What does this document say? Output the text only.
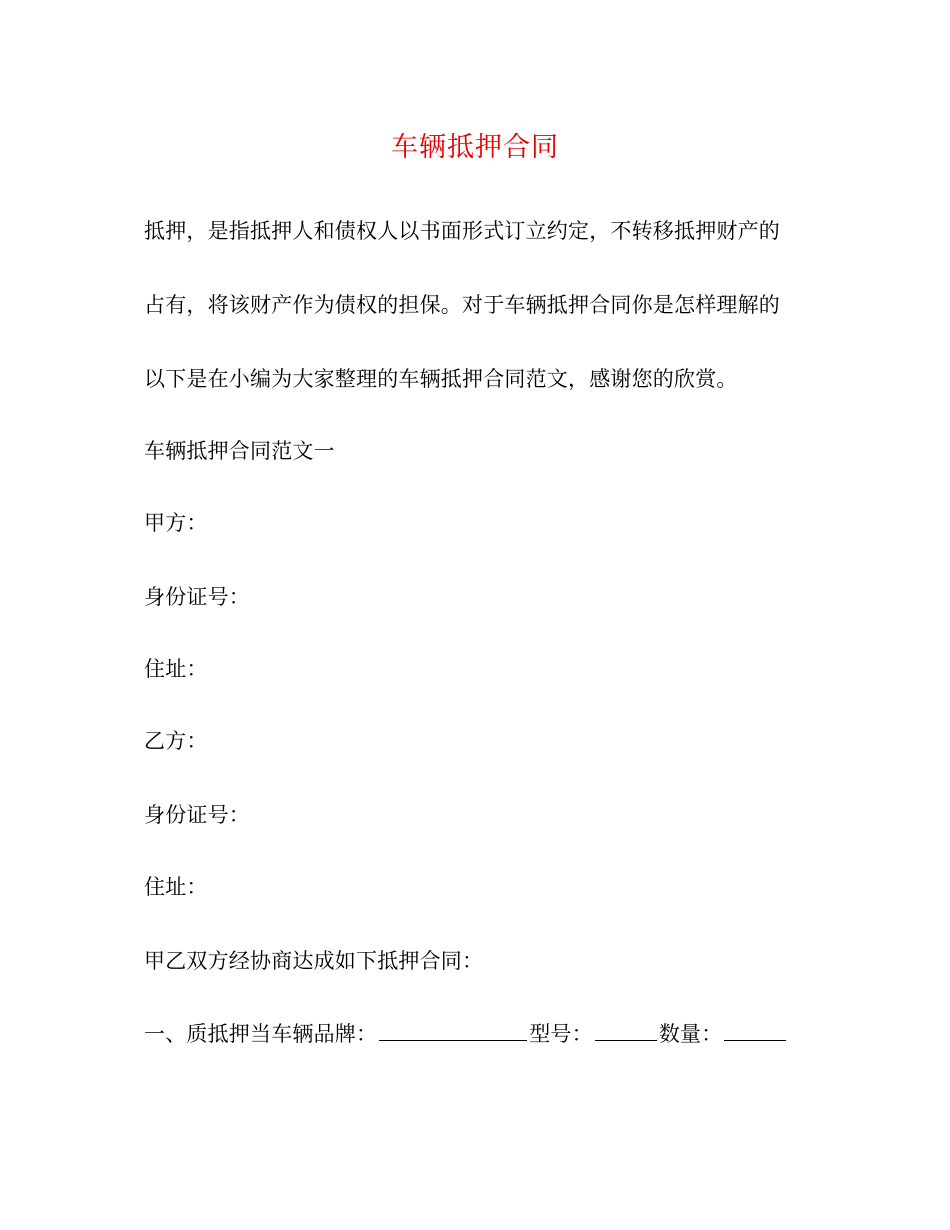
车辆抵押合同
抵押，是指抵押人和债权人以书面形式订立约定，不转移抵押财产的
占有，将该财产作为债权的担保。对于车辆抵押合同你是怎样理解的
以下是在小编为大家整理的车辆抵押合同范文，感谢您的欣赏。
车辆抵押合同范文一
甲方：
身份证号：
住址：
乙方：
身份证号：
住址：
甲乙双方经协商达成如下抵押合同：
一、质抵押当车辆品牌：	型号：	数量：
